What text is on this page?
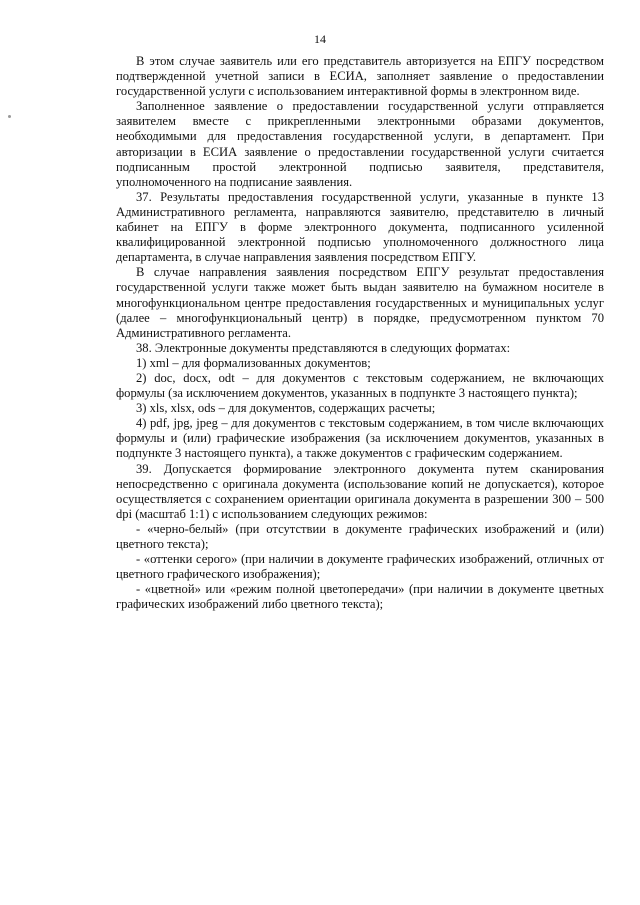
14

В этом случае заявитель или его представитель авторизуется на ЕПГУ посредством подтвержденной учетной записи в ЕСИА, заполняет заявление о предоставлении государственной услуги с использованием интерактивной формы в электронном виде.

Заполненное заявление о предоставлении государственной услуги отправляется заявителем вместе с прикрепленными электронными образами документов, необходимыми для предоставления государственной услуги, в департамент. При авторизации в ЕСИА заявление о предоставлении государственной услуги считается подписанным простой электронной подписью заявителя, представителя, уполномоченного на подписание заявления.

37. Результаты предоставления государственной услуги, указанные в пункте 13 Административного регламента, направляются заявителю, представителю в личный кабинет на ЕПГУ в форме электронного документа, подписанного усиленной квалифицированной электронной подписью уполномоченного должностного лица департамента, в случае направления заявления посредством ЕПГУ.

В случае направления заявления посредством ЕПГУ результат предоставления государственной услуги также может быть выдан заявителю на бумажном носителе в многофункциональном центре предоставления государственных и муниципальных услуг (далее – многофункциональный центр) в порядке, предусмотренном пунктом 70 Административного регламента.

38. Электронные документы представляются в следующих форматах:

1) xml – для формализованных документов;

2) doc, docx, odt – для документов с текстовым содержанием, не включающих формулы (за исключением документов, указанных в подпункте 3 настоящего пункта);

3) xls, xlsx, ods – для документов, содержащих расчеты;

4) pdf, jpg, jpeg – для документов с текстовым содержанием, в том числе включающих формулы и (или) графические изображения (за исключением документов, указанных в подпункте 3 настоящего пункта), а также документов с графическим содержанием.

39. Допускается формирование электронного документа путем сканирования непосредственно с оригинала документа (использование копий не допускается), которое осуществляется с сохранением ориентации оригинала документа в разрешении 300 – 500 dpi (масштаб 1:1) с использованием следующих режимов:

- «черно-белый» (при отсутствии в документе графических изображений и (или) цветного текста);

- «оттенки серого» (при наличии в документе графических изображений, отличных от цветного графического изображения);

- «цветной» или «режим полной цветопередачи» (при наличии в документе цветных графических изображений либо цветного текста);
